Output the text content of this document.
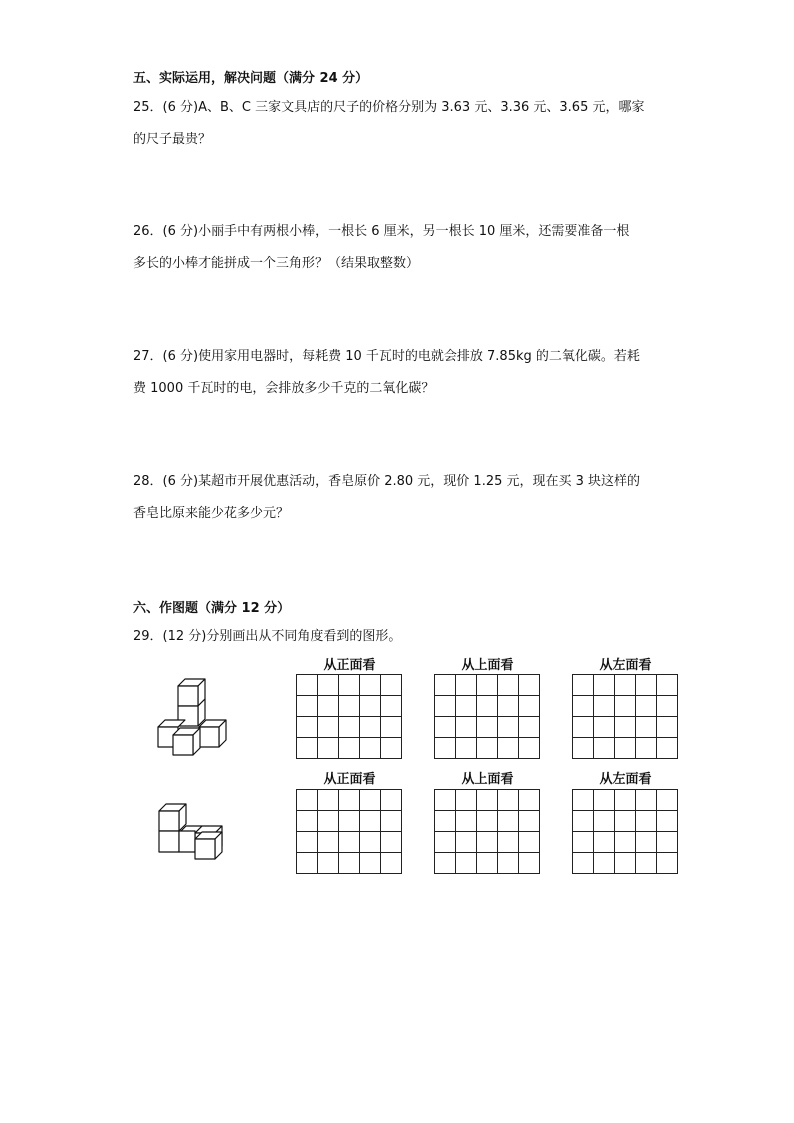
五、实际运用，解决问题（满分 24 分）
25．(6 分)A、B、C 三家文具店的尺子的价格分别为 3.63 元、3.36 元、3.65 元，哪家
的尺子最贵？
26．(6 分)小丽手中有两根小棒，一根长 6 厘米，另一根长 10 厘米，还需要准备一根
多长的小棒才能拼成一个三角形？（结果取整数）
27．(6 分)使用家用电器时，每耗费 10 千瓦时的电就会排放 7.85kg 的二氧化碳。若耗
费 1000 千瓦时的电，会排放多少千克的二氧化碳？
28．(6 分)某超市开展优惠活动，香皂原价 2.80 元，现价 1.25 元，现在买 3 块这样的
香皂比原来能少花多少元？
六、作图题（满分 12 分）
29．(12 分)分别画出从不同角度看到的图形。
从正面看	从上面看	从左面看

从正面看	从上面看	从左面看
